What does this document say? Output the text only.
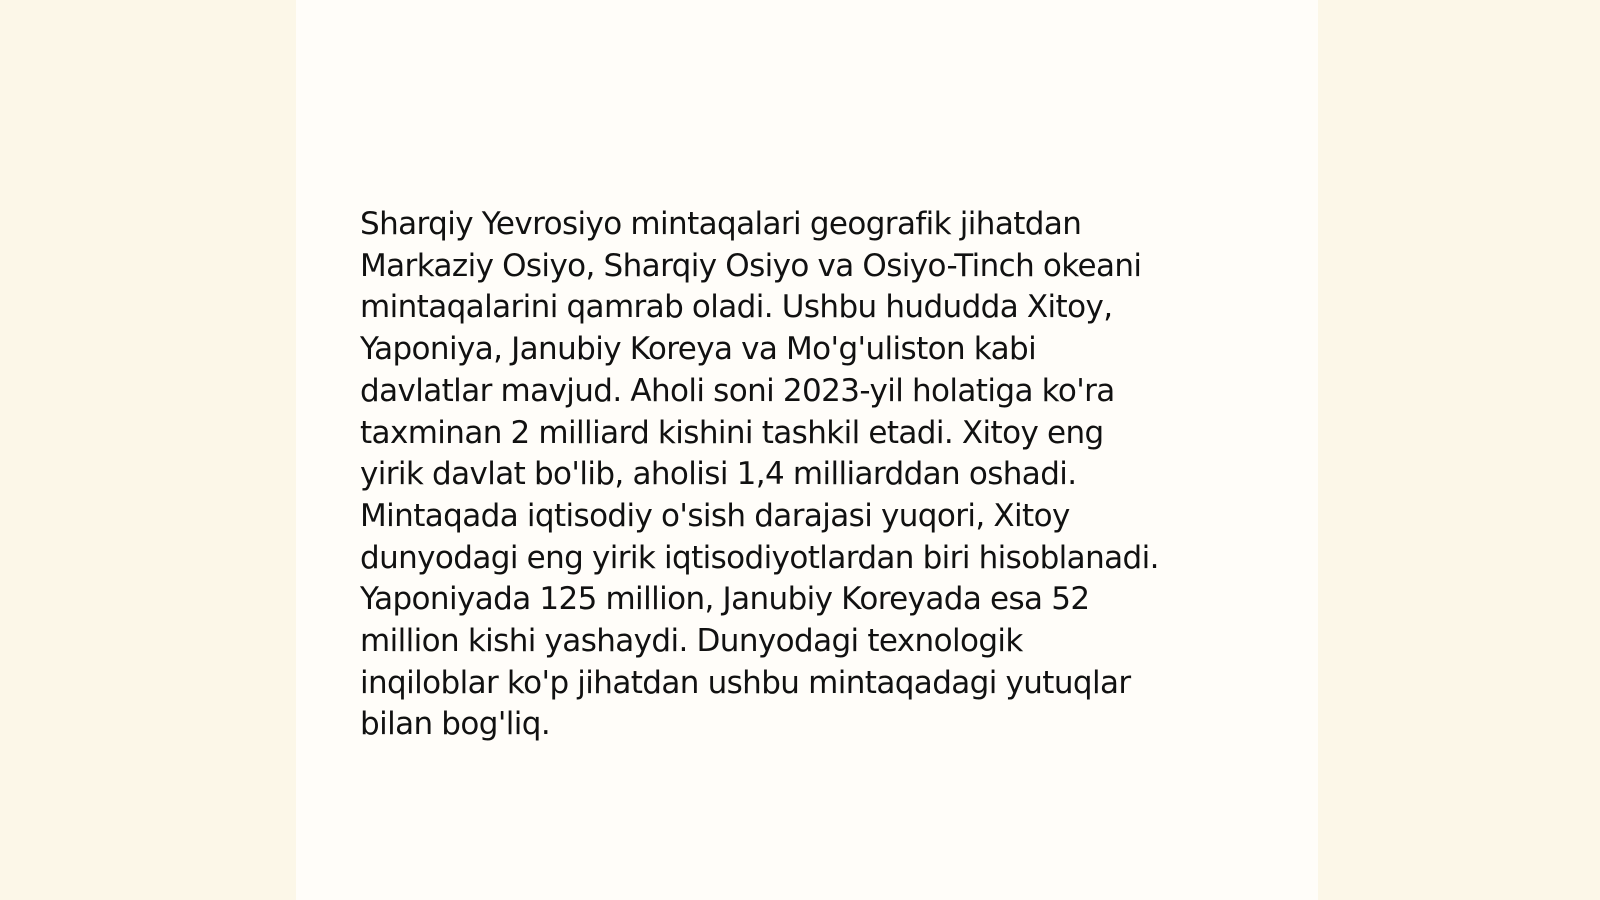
Sharqiy Yevrosiyo mintaqalari geografik jihatdan
Markaziy Osiyo, Sharqiy Osiyo va Osiyo-Tinch okeani
mintaqalarini qamrab oladi. Ushbu hududda Xitoy,
Yaponiya, Janubiy Koreya va Mo'g'uliston kabi
davlatlar mavjud. Aholi soni 2023-yil holatiga ko'ra
taxminan 2 milliard kishini tashkil etadi. Xitoy eng
yirik davlat bo'lib, aholisi 1,4 milliarddan oshadi.
Mintaqada iqtisodiy o'sish darajasi yuqori, Xitoy
dunyodagi eng yirik iqtisodiyotlardan biri hisoblanadi.
Yaponiyada 125 million, Janubiy Koreyada esa 52
million kishi yashaydi. Dunyodagi texnologik
inqiloblar ko'p jihatdan ushbu mintaqadagi yutuqlar
bilan bog'liq.
